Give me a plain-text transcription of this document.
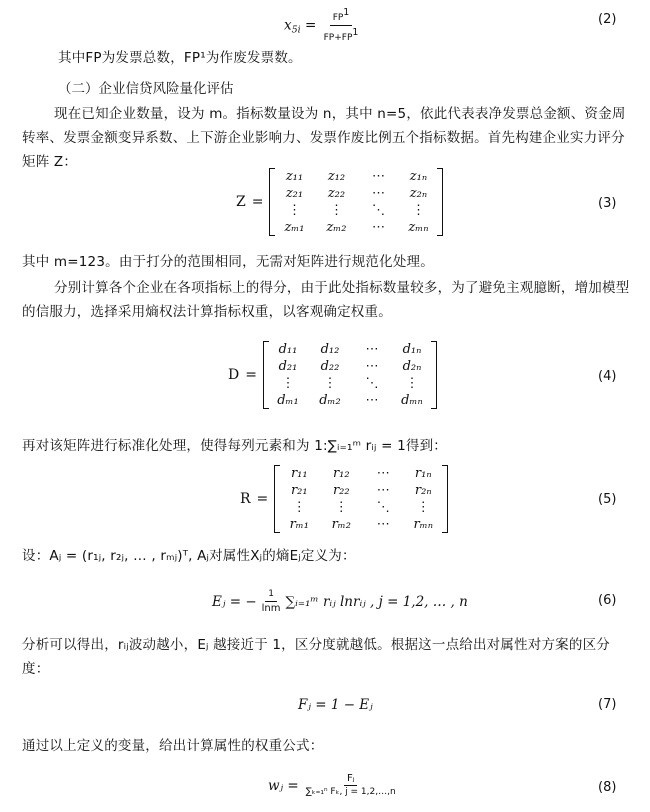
$x_{5i} = \frac{FP1}{FP+FP1}$	( 2 )
其中FP为发票总数，FP¹为作废发票数。
（二）企业信贷风险量化评估
现在已知企业数量，设为 m。指标数量设为 n，其中 n=5，依此代表表净发票总金额、资金周转率、发票金额变异系数、上下游企业影响力、发票作废比例五个指标数据。首先构建企业实力评分矩阵 Z：
Z =
z₁₁	z₁₂	⋯	z₁ₙ
z₂₁	z₂₂	⋯	z₂ₙ
⋮	⋮	⋱	⋮
zₘ₁	zₘ₂	⋯	zₘₙ
( 3 )
其中 m=123。由于打分的范围相同，无需对矩阵进行规范化处理。
分别计算各个企业在各项指标上的得分，由于此处指标数量较多，为了避免主观臆断，增加模型的信服力，选择采用熵权法计算指标权重，以客观确定权重。
D =
d₁₁	d₁₂	⋯	d₁ₙ
d₂₁	d₂₂	⋯	d₂ₙ
⋮	⋮	⋱	⋮
dₘ₁	dₘ₂	⋯	dₘₙ
( 4 )
再对该矩阵进行标准化处理，使得每列元素和为 1:∑ᵢ₌₁ᵐ rᵢⱼ = 1得到：
R =
r₁₁	r₁₂	⋯	r₁ₙ
r₂₁	r₂₂	⋯	r₂ₙ
⋮	⋮	⋱	⋮
rₘ₁	rₘ₂	⋯	rₘₙ
( 5 )
设：Aⱼ = (r₁ⱼ, r₂ⱼ, … , rₘⱼ)ᵀ, Aⱼ对属性Xⱼ的熵Eⱼ定义为：
Eⱼ = − $\frac{1}{\ln m}$ ∑ᵢ₌₁ᵐ rᵢⱼ lnrᵢⱼ , j = 1,2, … , n	( 6 )
分析可以得出，rᵢⱼ波动越小，Eⱼ 越接近于 1，区分度就越低。根据这一点给出对属性对方案的区分度：
Fⱼ = 1 − Eⱼ	( 7 )
通过以上定义的变量，给出计算属性的权重公式：
wⱼ = $\frac{\text{Fⱼ}}{\text{∑ₖ₌₁ⁿ Fₖ, j = 1,2,…,n}}$	( 8 )
